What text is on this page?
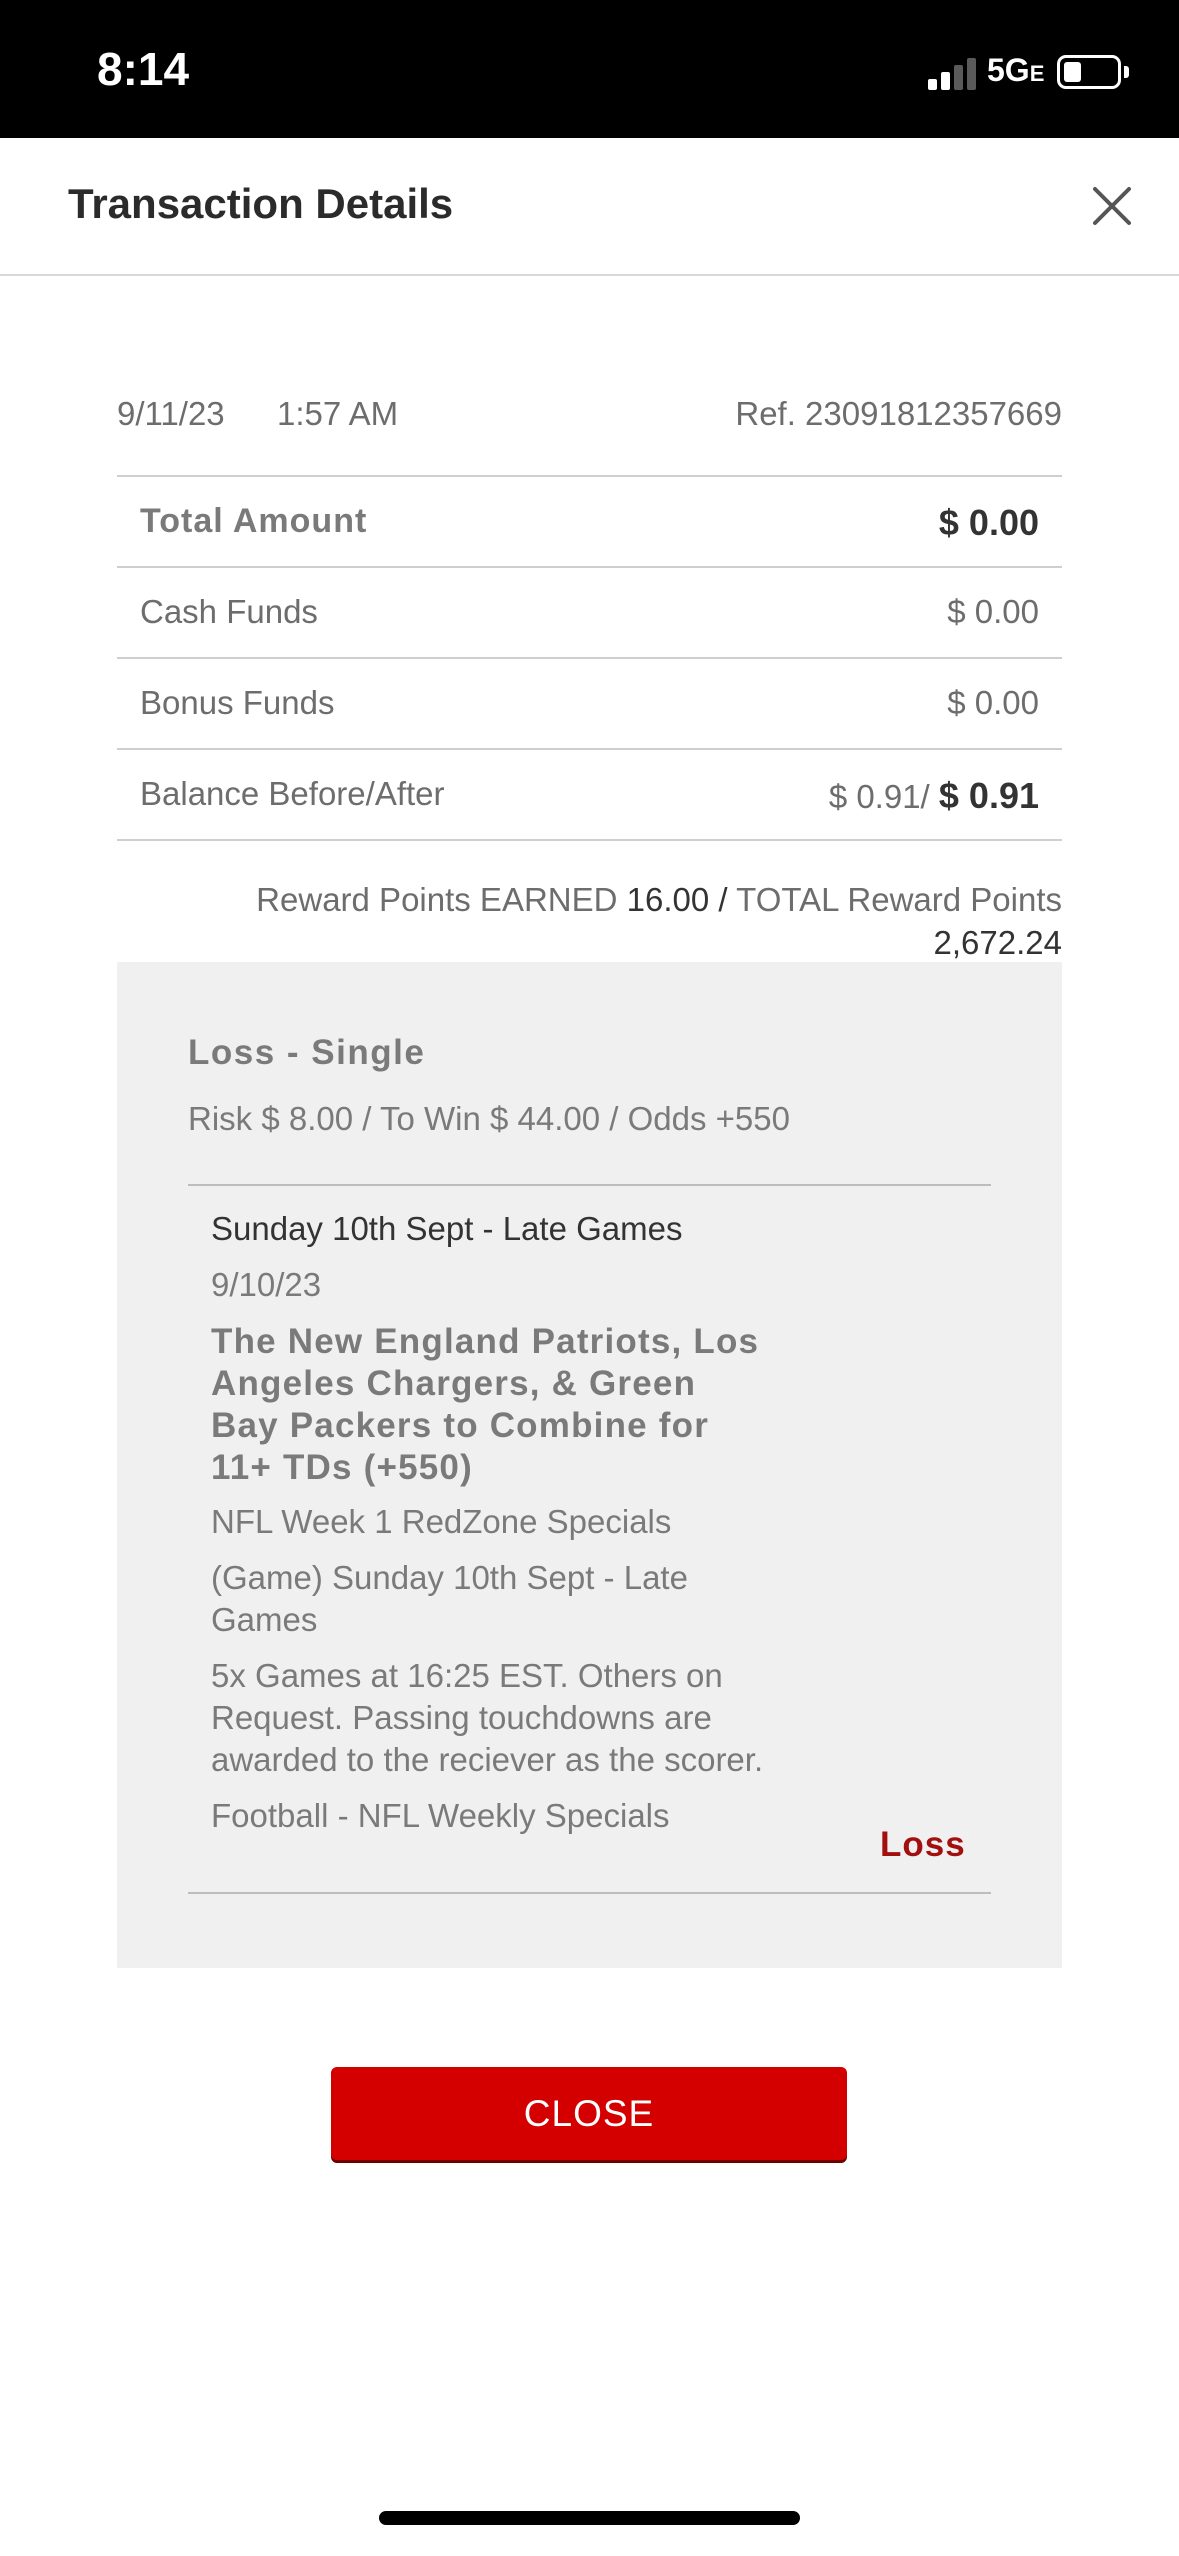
8:14	5GE
Transaction Details
9/11/23 1:57 AM	Ref. 23091812357669
Total Amount	$ 0.00
Cash Funds	$ 0.00
Bonus Funds	$ 0.00
Balance Before/After	$ 0.91/ $ 0.91
Reward Points EARNED 16.00 / TOTAL Reward Points
2,672.24
Loss - Single
Risk $ 8.00 / To Win $ 44.00 / Odds +550
Sunday 10th Sept - Late Games
9/10/23
The New England Patriots, Los Angeles Chargers, & Green Bay Packers to Combine for 11+ TDs (+550)
NFL Week 1 RedZone Specials
(Game) Sunday 10th Sept - Late Games
5x Games at 16:25 EST. Others on Request. Passing touchdowns are awarded to the reciever as the scorer.
Football - NFL Weekly Specials
Loss
CLOSE
